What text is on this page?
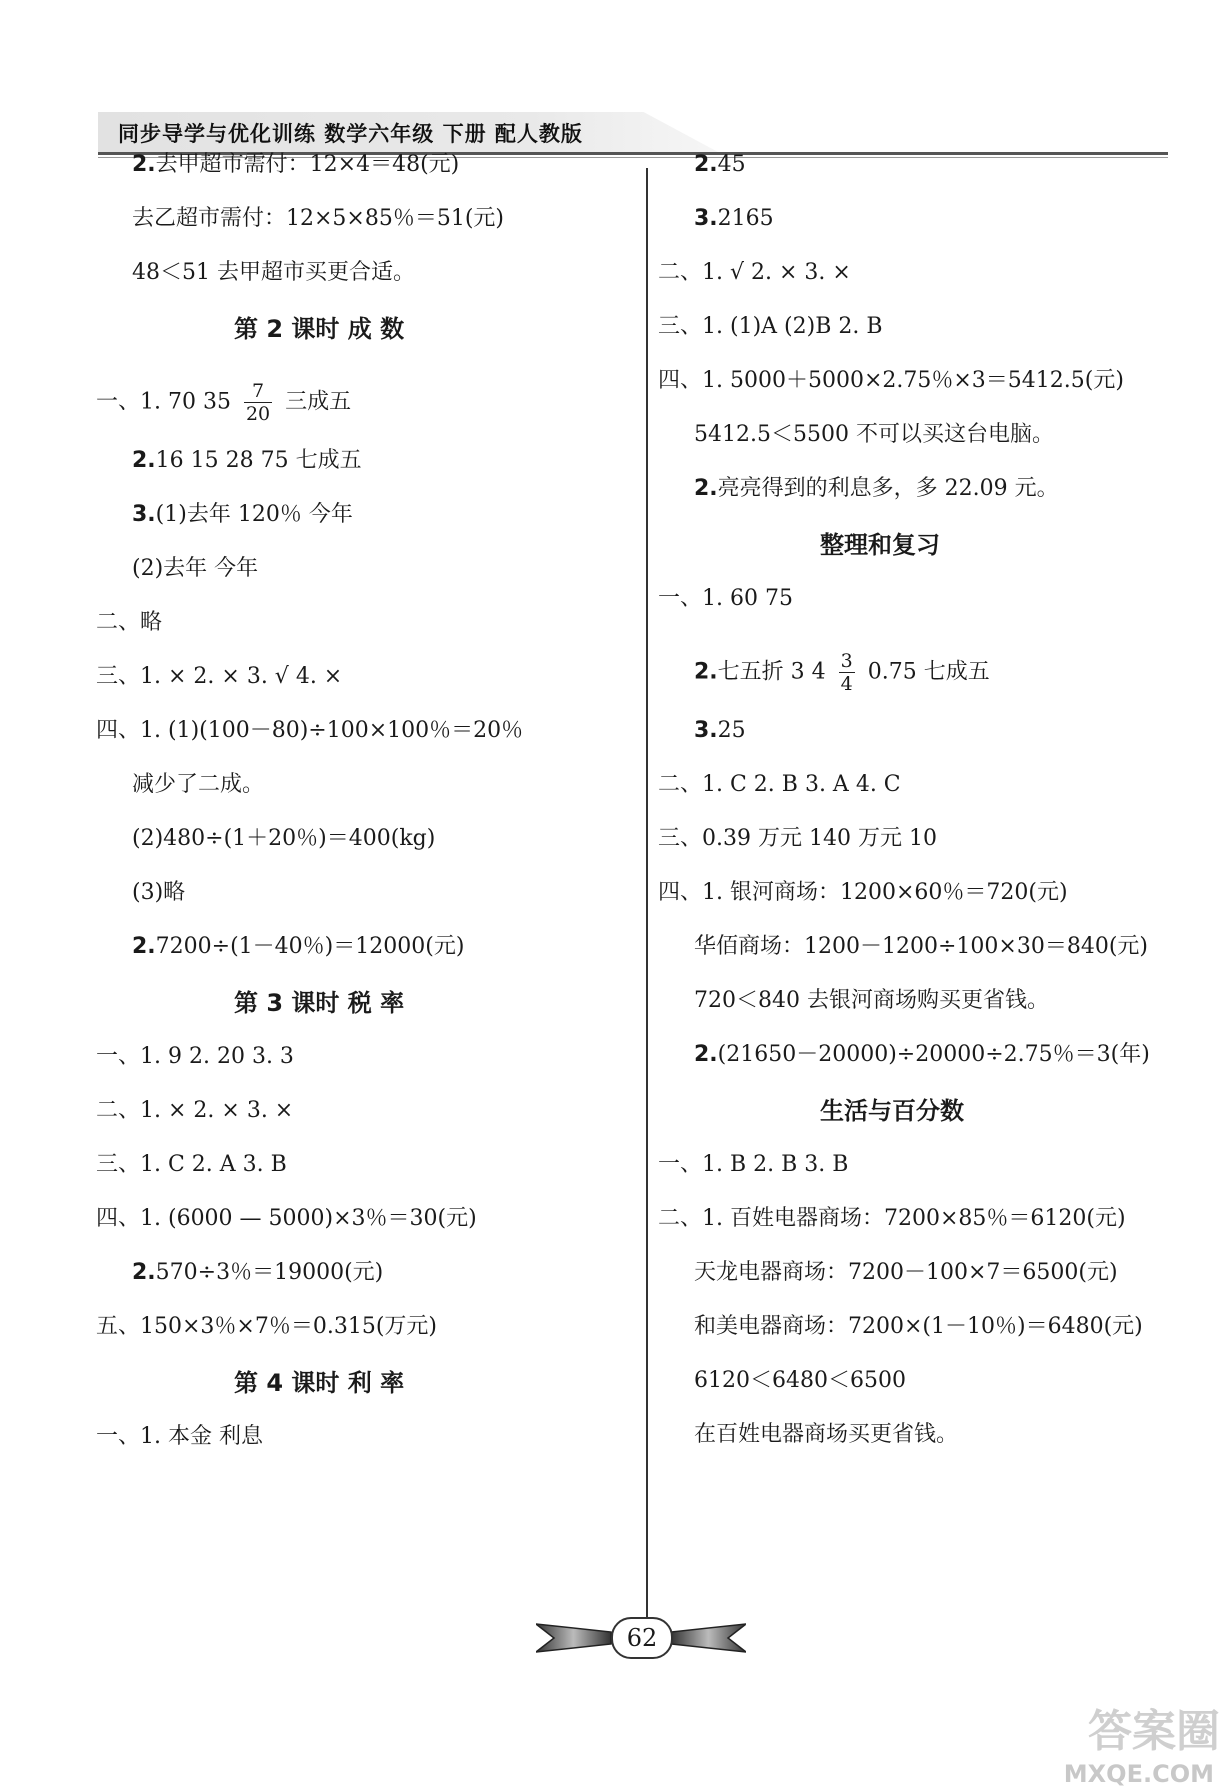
同步导学与优化训练 数学六年级 下册 配人教版
2.去甲超市需付：12×4＝48(元)
去乙超市需付：12×5×85％＝51(元)
48＜51 去甲超市买更合适。
第 2 课时 成 数
一、1. 70 $35 \frac{7}{20}$ 三成五
2.16 15 28 75 七成五
3.(1)去年 120％ 今年
(2)去年 今年
二、略
三、1. × 2. × 3. √ 4. ×
四、1. (1)(100－80)÷100×100％＝20％
减少了二成。
(2)480÷(1＋20％)＝400(kg)
(3)略
2.7200÷(1－40％)＝12000(元)
第 3 课时 税 率
一、1. 9 2. 20 3. 3
二、1. × 2. × 3. ×
三、1. C 2. A 3. B
四、1. (6000 — 5000)×3％＝30(元)
2.570÷3％＝19000(元)
五、150×3％×7％＝0.315(万元)
第 4 课时 利 率
一、1. 本金 利息
2.45
3.2165
二、1. √ 2. × 3. ×
三、1. (1)A (2)B 2. B
四、1. 5000＋5000×2.75％×3＝5412.5(元)
5412.5＜5500 不可以买这台电脑。
2.亮亮得到的利息多，多 22.09 元。
整理和复习
一、1. 60 75
2.七五折 3 $4 \frac{3}{4} 0.75$ 七成五
3.25
二、1. C 2. B 3. A 4. C
三、0.39 万元 140 万元 10
四、1. 银河商场：1200×60％＝720(元)
华佰商场：1200－1200÷100×30＝840(元)
720＜840 去银河商场购买更省钱。
2.(21650－20000)÷20000÷2.75％＝3(年)
生活与百分数
一、1. B 2. B 3. B
二、1. 百姓电器商场：7200×85％＝6120(元)
天龙电器商场：7200－100×7＝6500(元)
和美电器商场：7200×(1－10％)＝6480(元)
6120＜6480＜6500
在百姓电器商场买更省钱。
62
答案圈
MXQE.COM
